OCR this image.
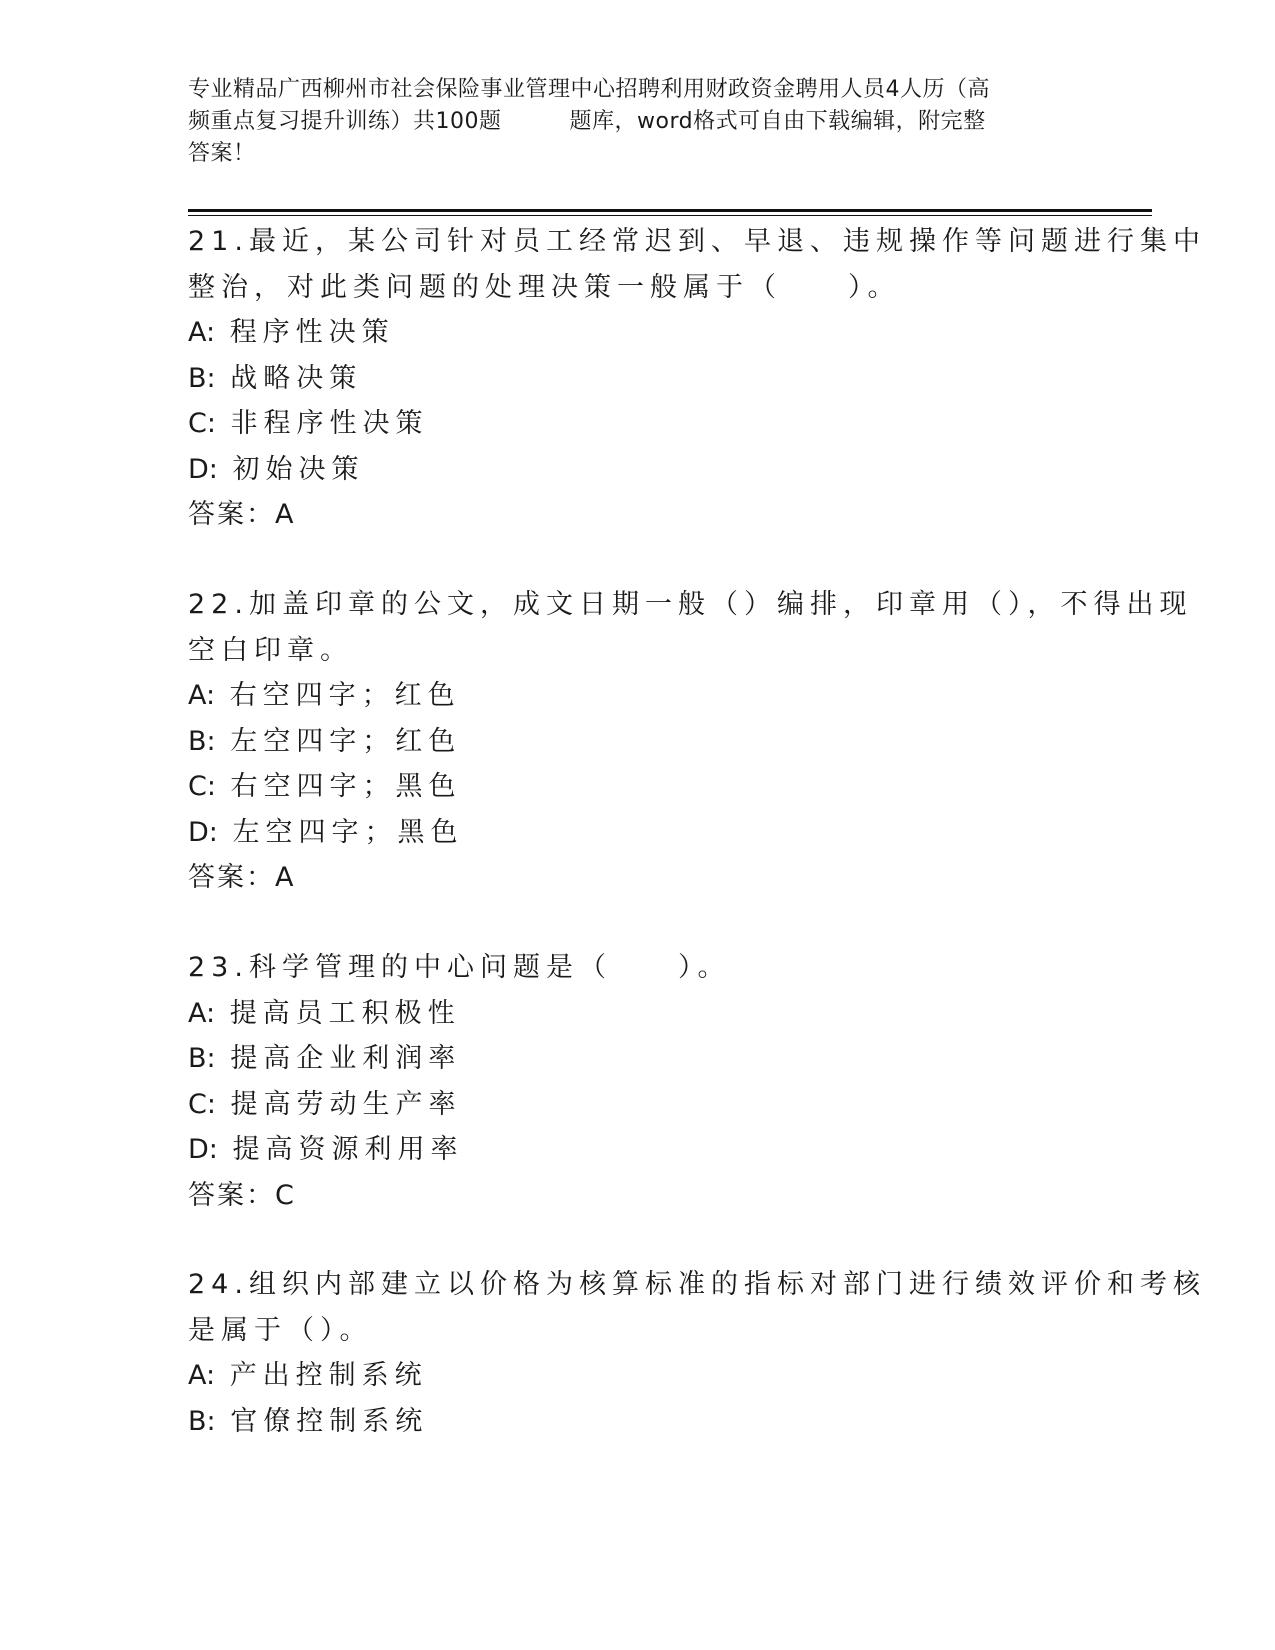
专业精品广西柳州市社会保险事业管理中心招聘利用财政资金聘用人员4人历（高
频重点复习提升训练）共100题	题库，word格式可自由下载编辑，附完整
答案！
21.最近，某公司针对员工经常迟到、早退、违规操作等问题进行集中
整治，对此类问题的处理决策一般属于（　　）。
A: 程序性决策
B: 战略决策
C: 非程序性决策
D: 初始决策
答案：A
22.加盖印章的公文，成文日期一般（）编排，印章用（），不得出现
空白印章。
A: 右空四字；红色
B: 左空四字；红色
C: 右空四字；黑色
D: 左空四字；黑色
答案：A
23.科学管理的中心问题是（　　）。
A: 提高员工积极性
B: 提高企业利润率
C: 提高劳动生产率
D: 提高资源利用率
答案：C
24.组织内部建立以价格为核算标准的指标对部门进行绩效评价和考核
是属于（）。
A: 产出控制系统
B: 官僚控制系统
